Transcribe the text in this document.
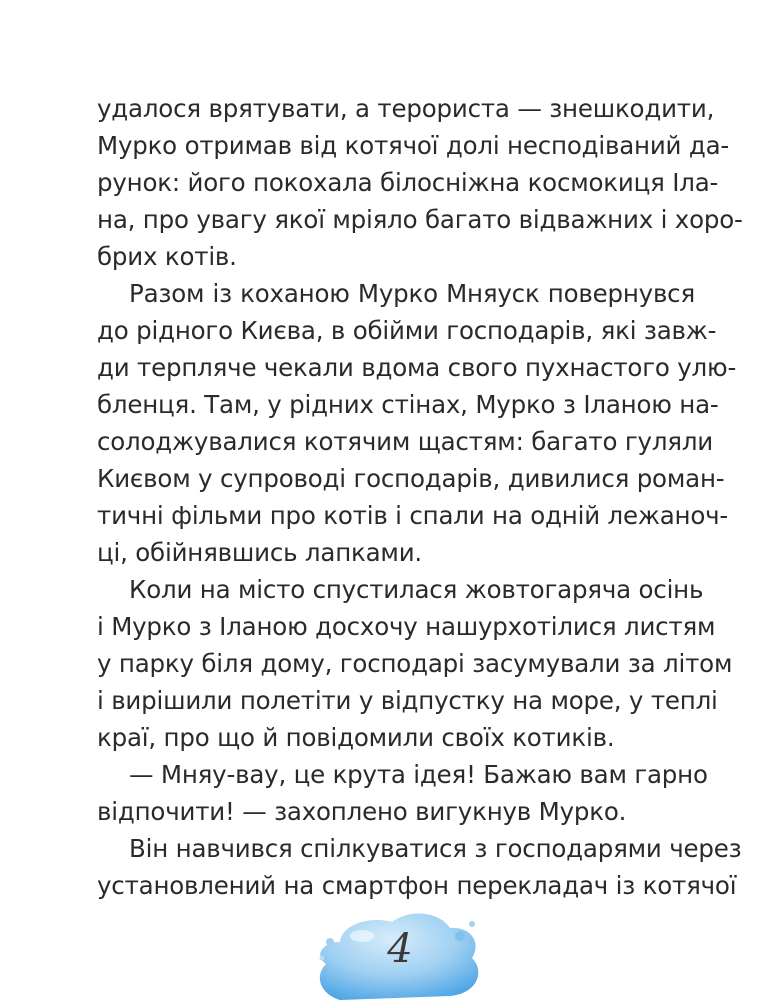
удалося врятувати, а терориста — знешкодити,
Мурко отримав від котячої долі несподіваний да-
рунок: його покохала білосніжна космокиця Іла-
на, про увагу якої мріяло багато відважних і хоро-
брих котів.
Разом із коханою Мурко Мняуск повернувся
до рідного Києва, в обійми господарів, які завж-
ди терпляче чекали вдома свого пухнастого улю-
бленця. Там, у рідних стінах, Мурко з Іланою на-
солоджувалися котячим щастям: багато гуляли
Києвом у супроводі господарів, дивилися роман-
тичні фільми про котів і спали на одній лежаноч-
ці, обійнявшись лапками.
Коли на місто спустилася жовтогаряча осінь
і Мурко з Іланою досхочу нашурхотілися листям
у парку біля дому, господарі засумували за літом
і вирішили полетіти у відпустку на море, у теплі
краї, про що й повідомили своїх котиків.
— Мняу-вау, це крута ідея! Бажаю вам гарно
відпочити! — захоплено вигукнув Мурко.
Він навчився спілкуватися з господарями через
установлений на смартфон перекладач із котячої
4
